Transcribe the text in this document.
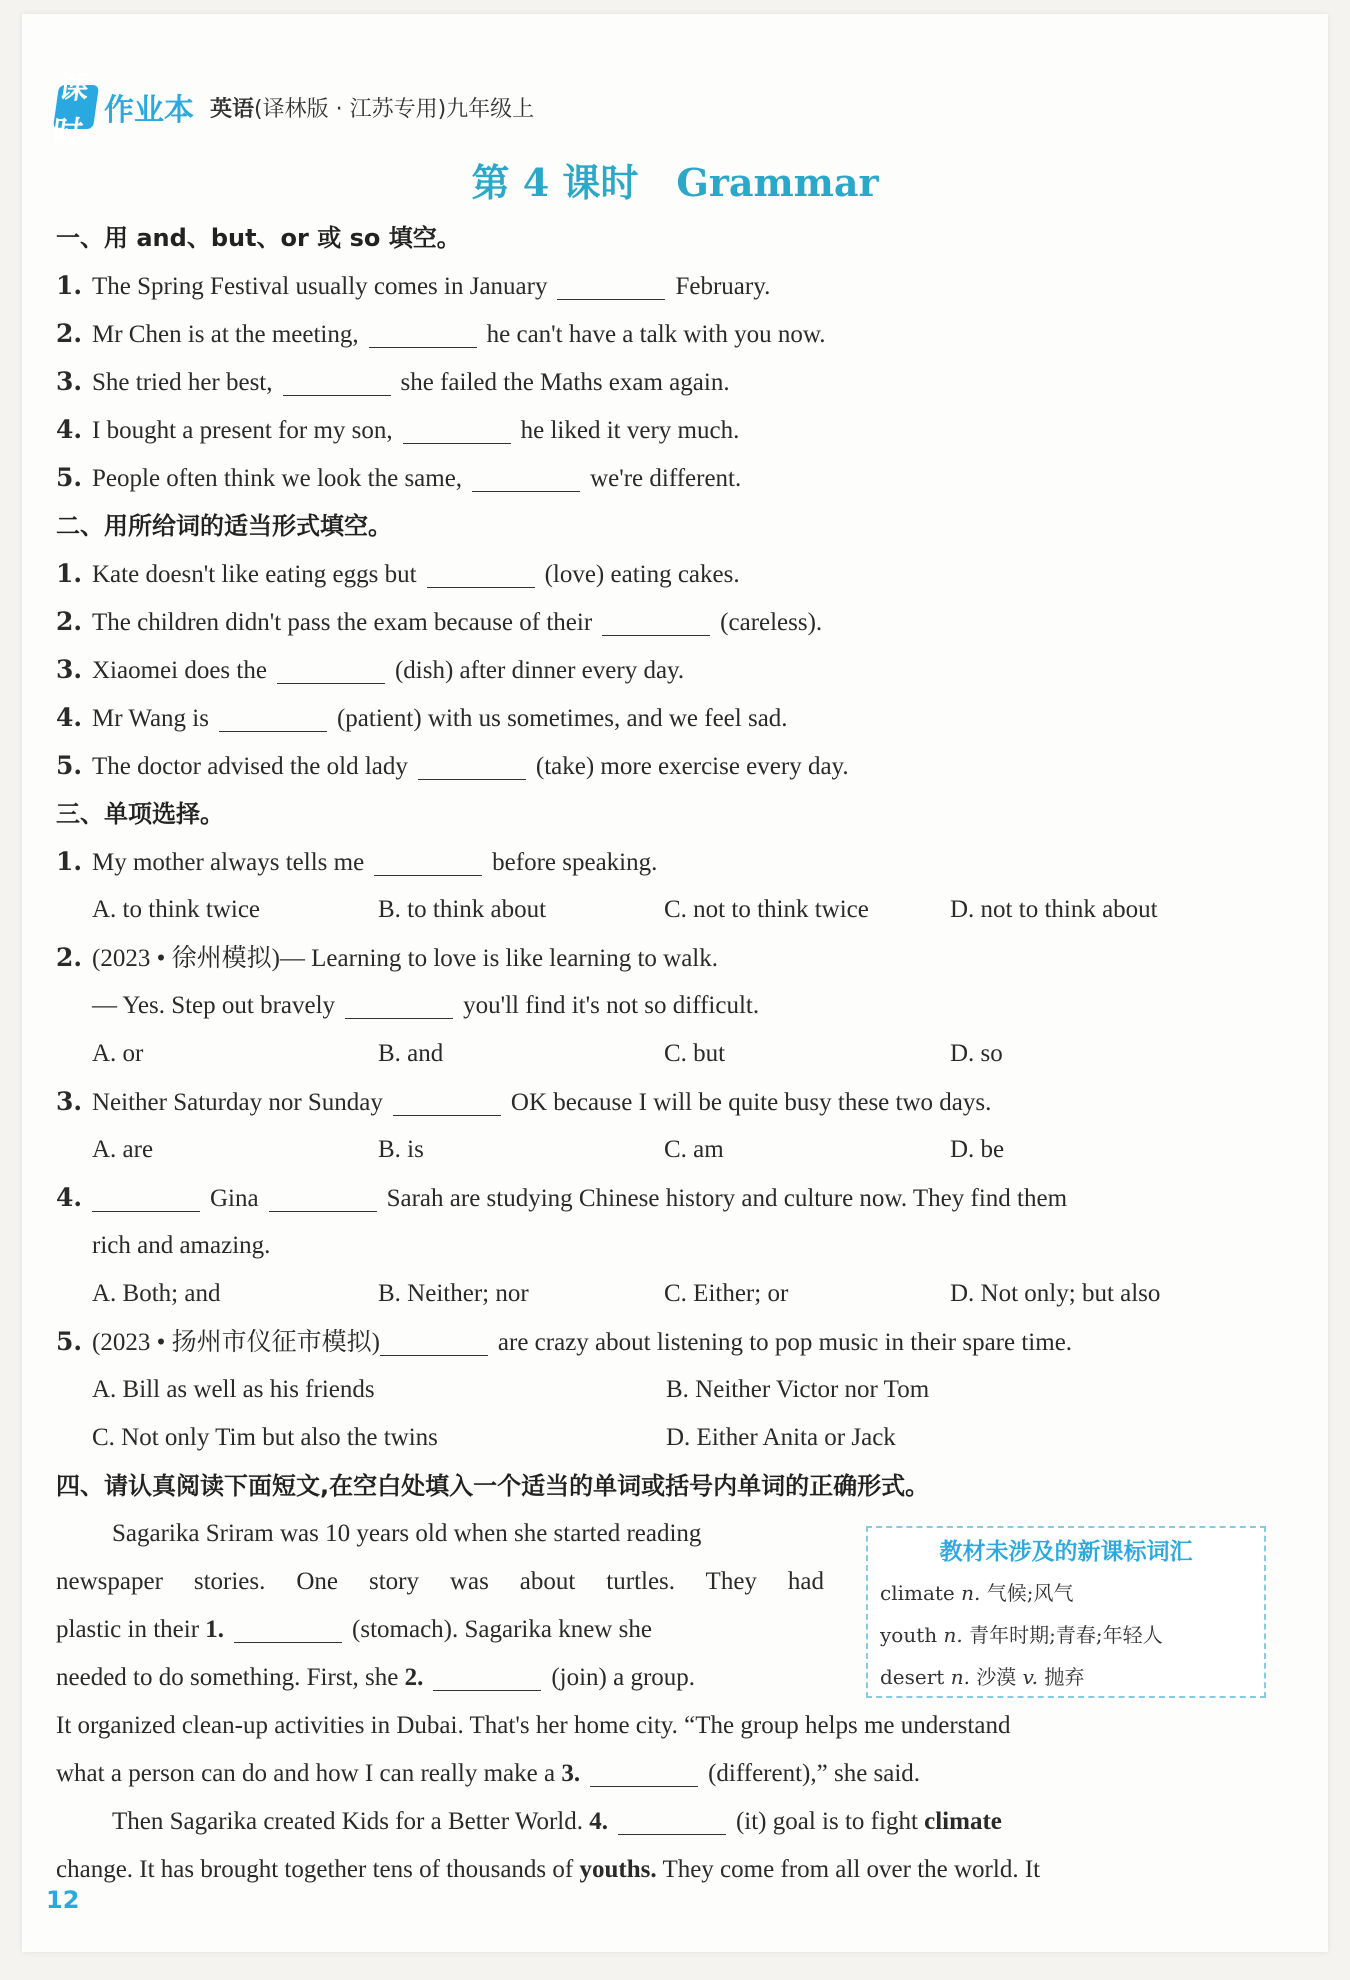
课时
作业本 英语(译林版 · 江苏专用)九年级上
第 4 课时　Grammar
一、用 and、but、or 或 so 填空。
1. The Spring Festival usually comes in January	February.
2. Mr Chen is at the meeting,	he can't have a talk with you now.
3. She tried her best,	she failed the Maths exam again.
4. I bought a present for my son,	he liked it very much.
5. People often think we look the same,	we're different.
二、用所给词的适当形式填空。
1. Kate doesn't like eating eggs but	(love) eating cakes.
2. The children didn't pass the exam because of their	(careless).
3. Xiaomei does the	(dish) after dinner every day.
4. Mr Wang is	(patient) with us sometimes, and we feel sad.
5. The doctor advised the old lady	(take) more exercise every day.
三、单项选择。
1. My mother always tells me	before speaking.
A. to think twice	B. to think about	C. not to think twice	D. not to think about
2. (2023 • 徐州模拟)— Learning to love is like learning to walk.
— Yes. Step out bravely	you'll find it's not so difficult.
A. or	B. and	C. but	D. so
3. Neither Saturday nor Sunday	OK because I will be quite busy these two days.
A. are	B. is	C. am	D. be
4.	Gina	Sarah are studying Chinese history and culture now. They find them
rich and amazing.
A. Both; and	B. Neither; nor	C. Either; or	D. Not only; but also
5. (2023 • 扬州市仪征市模拟)	are crazy about listening to pop music in their spare time.
A. Bill as well as his friends	B. Neither Victor nor Tom
C. Not only Tim but also the twins	D. Either Anita or Jack
四、请认真阅读下面短文,在空白处填入一个适当的单词或括号内单词的正确形式。
教材未涉及的新课标词汇
climate n. 气候;风气
youth n. 青年时期;青春;年轻人
desert n. 沙漠 v. 抛弃
Sagarika Sriram was 10 years old when she started reading
newspaper stories. One story was about turtles. They had
plastic in their 1.	(stomach). Sagarika knew she
needed to do something. First, she 2.	(join) a group.
It organized clean-up activities in Dubai. That's her home city. “The group helps me understand
what a person can do and how I can really make a 3.	(different),” she said.
Then Sagarika created Kids for a Better World. 4.	(it) goal is to fight climate
change. It has brought together tens of thousands of youths. They come from all over the world. It
12
